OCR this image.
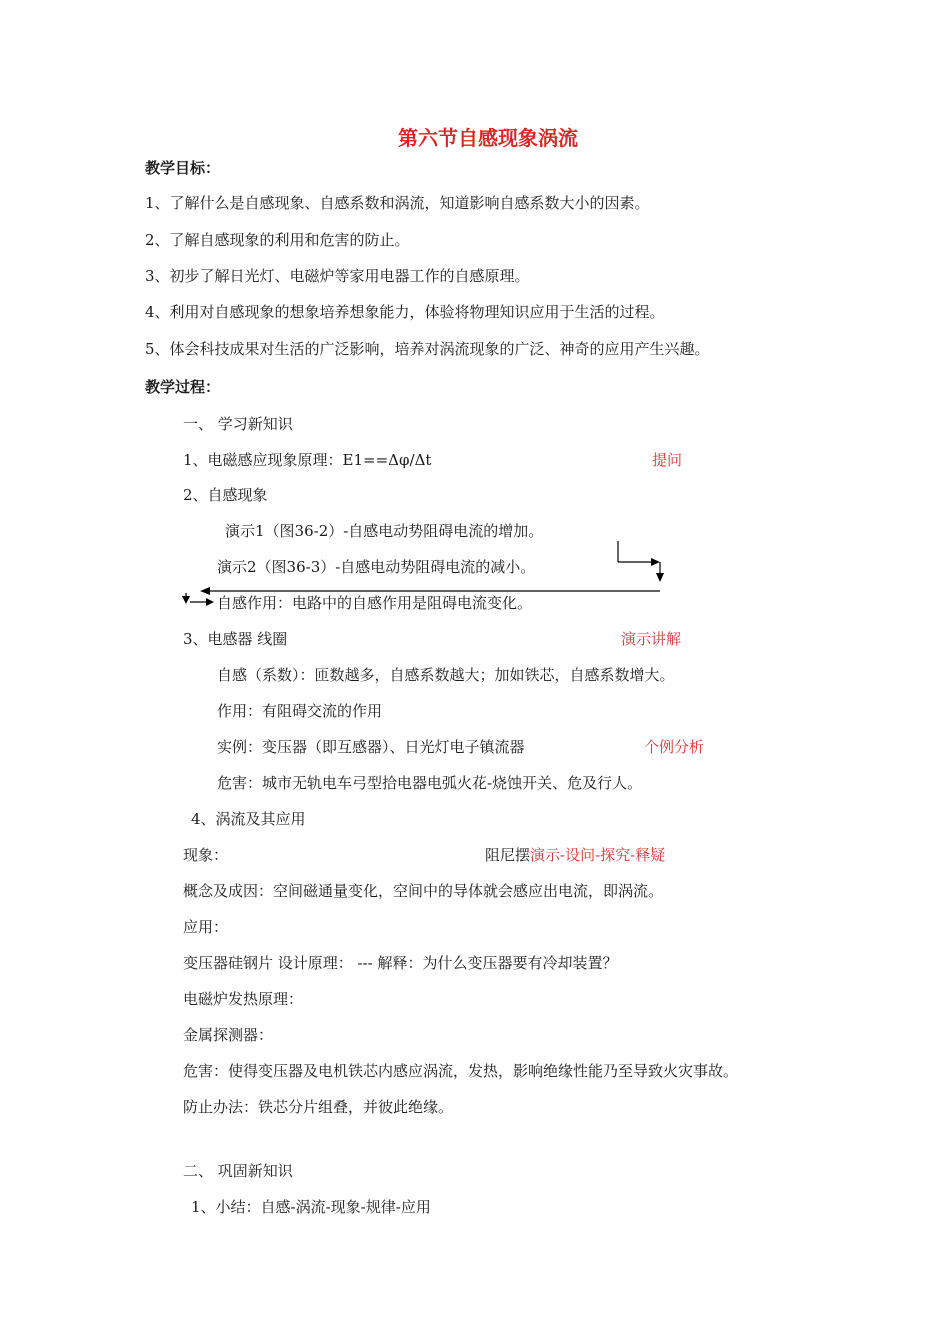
第六节自感现象涡流
教学目标：
1、了解什么是自感现象、自感系数和涡流，知道影响自感系数大小的因素。
2、了解自感现象的利用和危害的防止。
3、初步了解日光灯、电磁炉等家用电器工作的自感原理。
4、利用对自感现象的想象培养想象能力，体验将物理知识应用于生活的过程。
5、体会科技成果对生活的广泛影响，培养对涡流现象的广泛、神奇的应用产生兴趣。
教学过程：
一、 学习新知识
1、电磁感应现象原理：E1==Δφ/Δt	提问
2、自感现象
演示1（图36-2）-自感电动势阻碍电流的增加。
演示2（图36-3）-自感电动势阻碍电流的减小。
自感作用：电路中的自感作用是阻碍电流变化。
3、电感器 线圈	演示讲解
自感（系数）：匝数越多，自感系数越大；加如铁芯，自感系数增大。
作用：有阻碍交流的作用
实例：变压器（即互感器）、日光灯电子镇流器	个例分析
危害：城市无轨电车弓型拾电器电弧火花-烧蚀开关、危及行人。
4、涡流及其应用
现象：	阻尼摆演示-设问-探究-释疑
概念及成因：空间磁通量变化，空间中的导体就会感应出电流，即涡流。
应用：
变压器硅钢片 设计原理： --- 解释：为什么变压器要有冷却装置？
电磁炉发热原理：
金属探测器：
危害：使得变压器及电机铁芯内感应涡流，发热，影响绝缘性能乃至导致火灾事故。
防止办法：铁芯分片组叠，并彼此绝缘。
二、 巩固新知识
1、小结：自感-涡流-现象-规律-应用
